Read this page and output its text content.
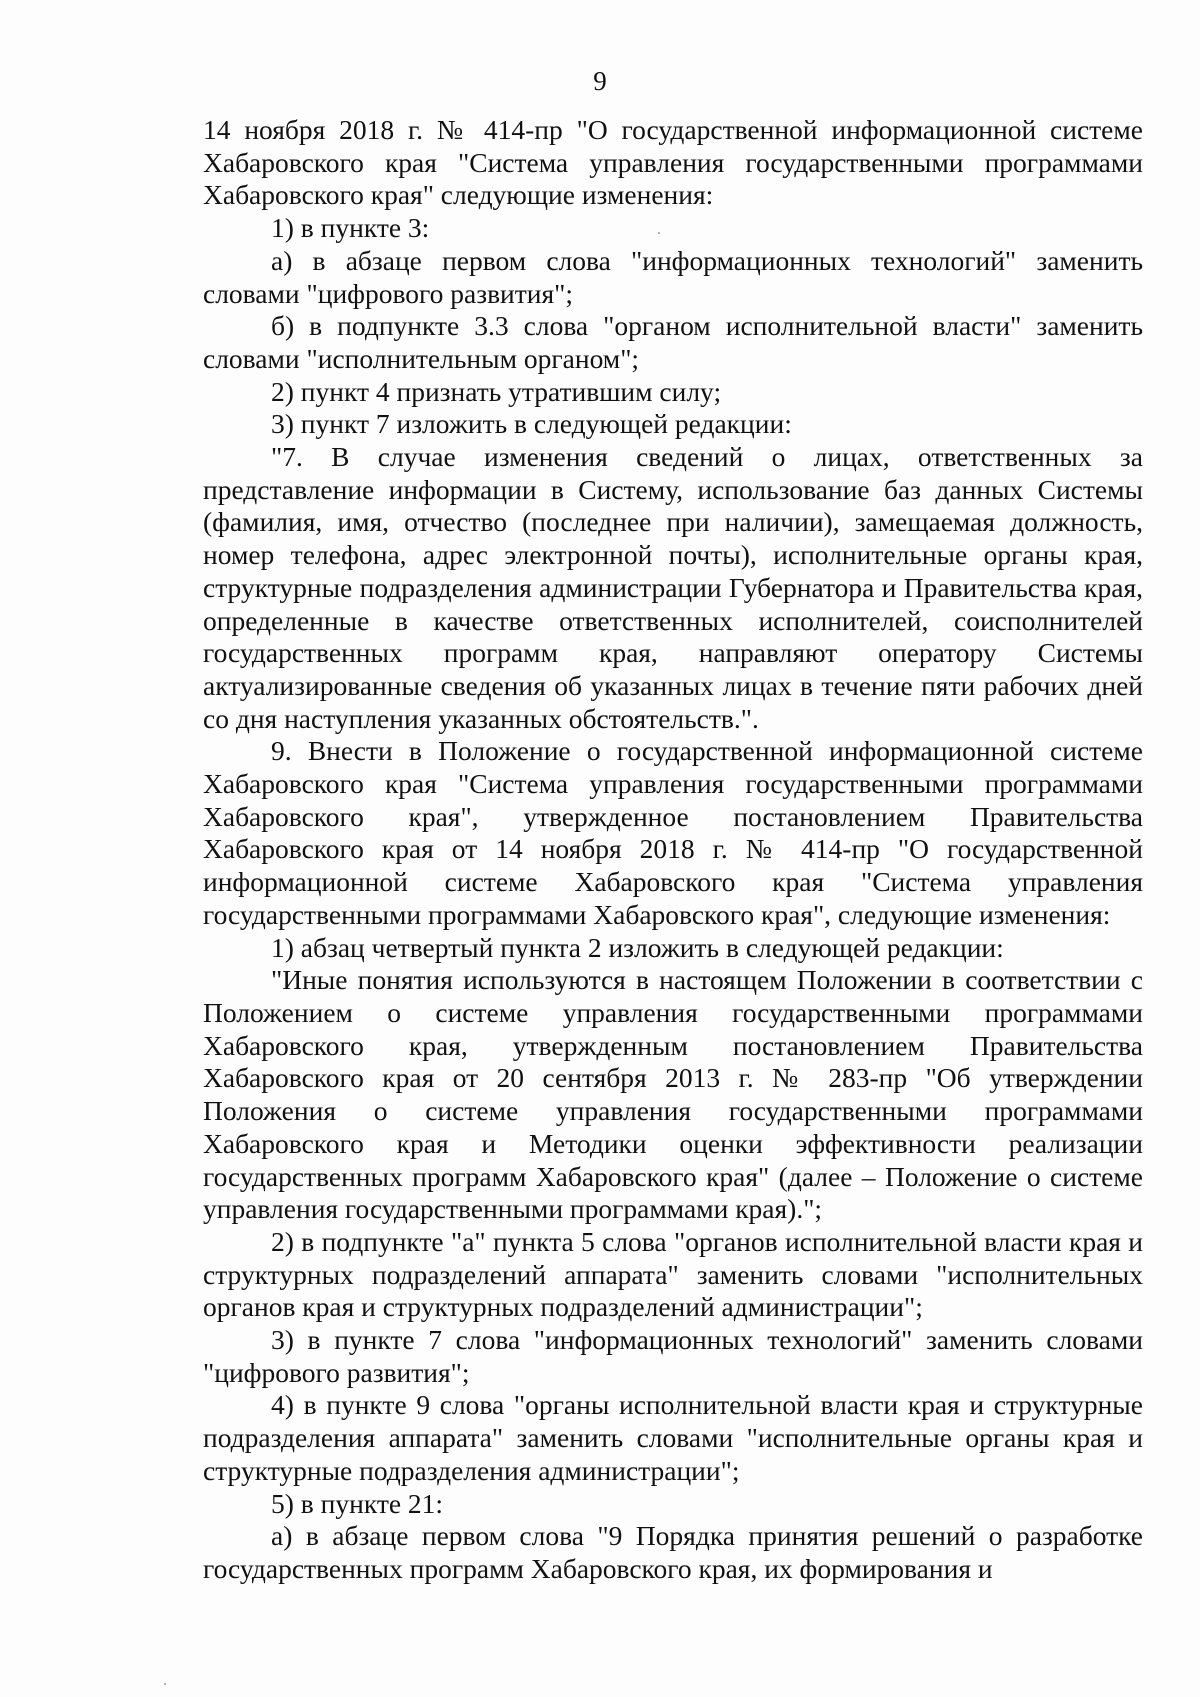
9

14 ноября 2018 г. № 414-пр "О государственной информационной системе Хабаровского края "Система управления государственными программами Хабаровского края" следующие изменения:

1) в пункте 3:

а) в абзаце первом слова "информационных технологий" заменить словами "цифрового развития";

б) в подпункте 3.3 слова "органом исполнительной власти" заменить словами "исполнительным органом";

2) пункт 4 признать утратившим силу;

3) пункт 7 изложить в следующей редакции:

"7. В случае изменения сведений о лицах, ответственных за представление информации в Систему, использование баз данных Системы (фамилия, имя, отчество (последнее при наличии), замещаемая должность, номер телефона, адрес электронной почты), исполнительные органы края, структурные подразделения администрации Губернатора и Правительства края, определенные в качестве ответственных исполнителей, соисполнителей государственных программ края, направляют оператору Системы актуализированные сведения об указанных лицах в течение пяти рабочих дней со дня наступления указанных обстоятельств.".

9. Внести в Положение о государственной информационной системе Хабаровского края "Система управления государственными программами Хабаровского края", утвержденное постановлением Правительства Хабаровского края от 14 ноября 2018 г. № 414-пр "О государственной информационной системе Хабаровского края "Система управления государственными программами Хабаровского края", следующие изменения:

1) абзац четвертый пункта 2 изложить в следующей редакции:

"Иные понятия используются в настоящем Положении в соответствии с Положением о системе управления государственными программами Хабаровского края, утвержденным постановлением Правительства Хабаровского края от 20 сентября 2013 г. № 283-пр "Об утверждении Положения о системе управления государственными программами Хабаровского края и Методики оценки эффективности реализации государственных программ Хабаровского края" (далее – Положение о системе управления государственными программами края).";

2) в подпункте "а" пункта 5 слова "органов исполнительной власти края и структурных подразделений аппарата" заменить словами "исполнительных органов края и структурных подразделений администрации";

3) в пункте 7 слова "информационных технологий" заменить словами "цифрового развития";

4) в пункте 9 слова "органы исполнительной власти края и структурные подразделения аппарата" заменить словами "исполнительные органы края и структурные подразделения администрации";

5) в пункте 21:

а) в абзаце первом слова "9 Порядка принятия решений о разработке государственных программ Хабаровского края, их формирования и
